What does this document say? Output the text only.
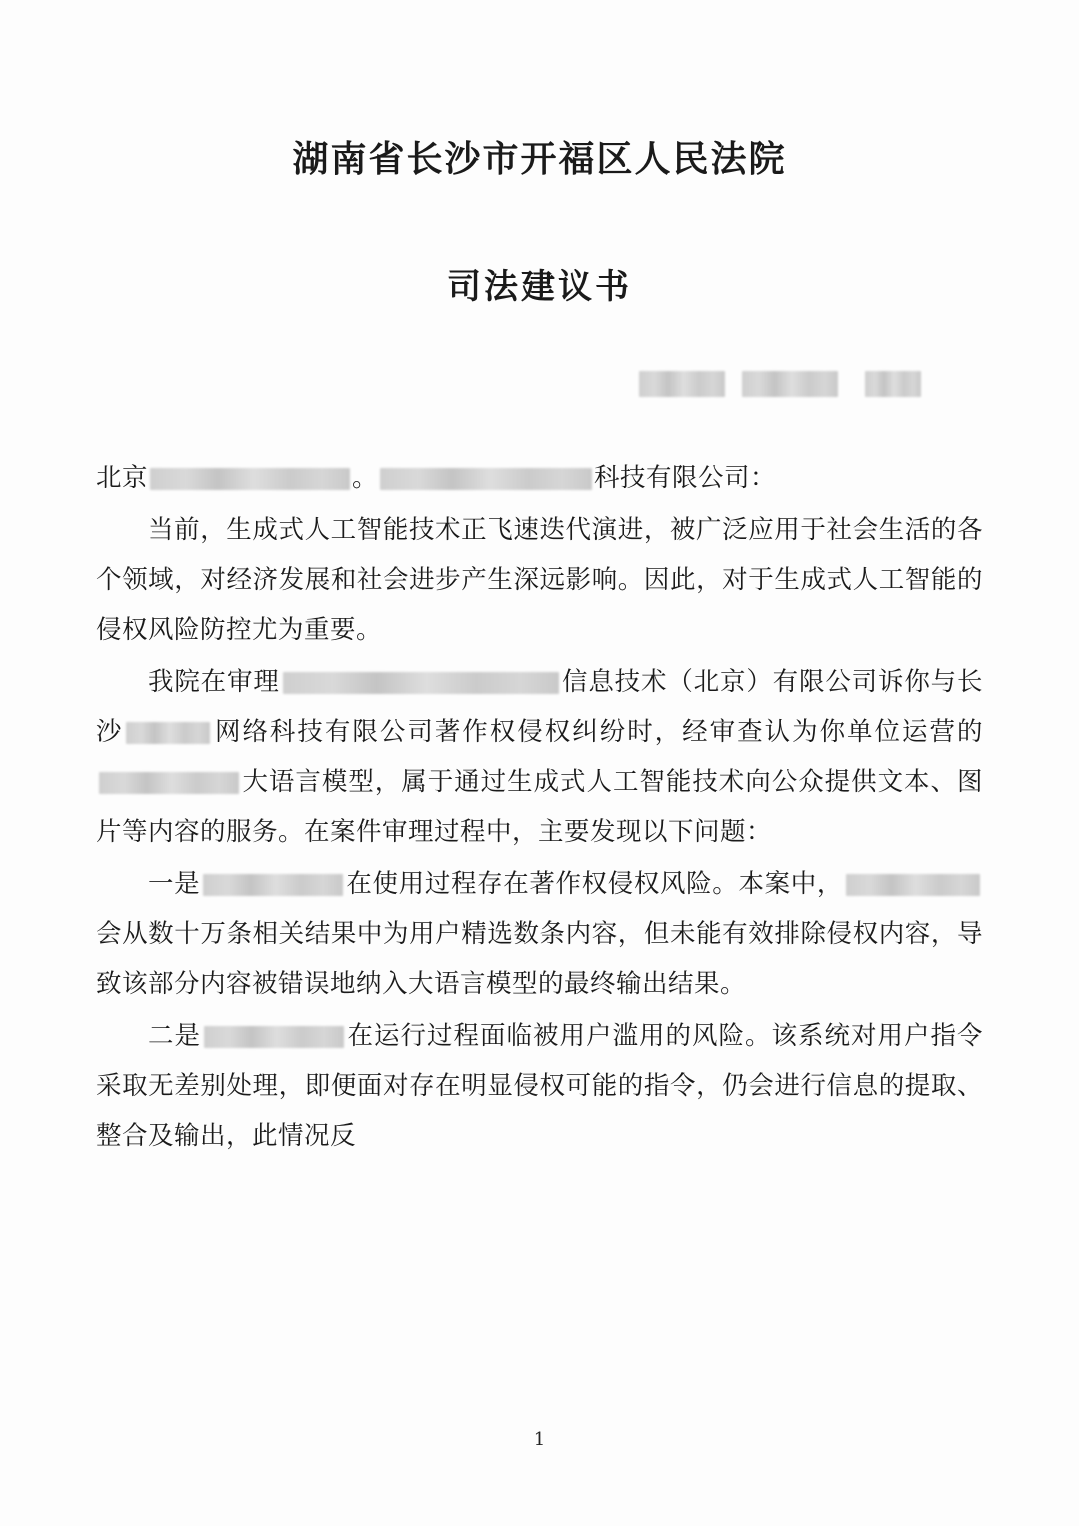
湖南省长沙市开福区人民法院
司法建议书

北京	。	科技有限公司：

当前，生成式人工智能技术正飞速迭代演进，被广泛应用于社会生活的各个领域，对经济发展和社会进步产生深远影响。因此，对于生成式人工智能的侵权风险防控尤为重要。

我院在审理	信息技术（北京）有限公司诉你与长沙	网络科技有限公司著作权侵权纠纷时，经审查认为你单位运营的大语言模型，属于通过生成式人工智能技术向公众提供文本、图片等内容的服务。在案件审理过程中，主要发现以下问题：

一是	在使用过程存在著作权侵权风险。本案中，会从数十万条相关结果中为用户精选数条内容，但未能有效排除侵权内容，导致该部分内容被错误地纳入大语言模型的最终输出结果。

二是	在运行过程面临被用户滥用的风险。该系统对用户指令采取无差别处理，即便面对存在明显侵权可能的指令，仍会进行信息的提取、整合及输出，此情况反

1
